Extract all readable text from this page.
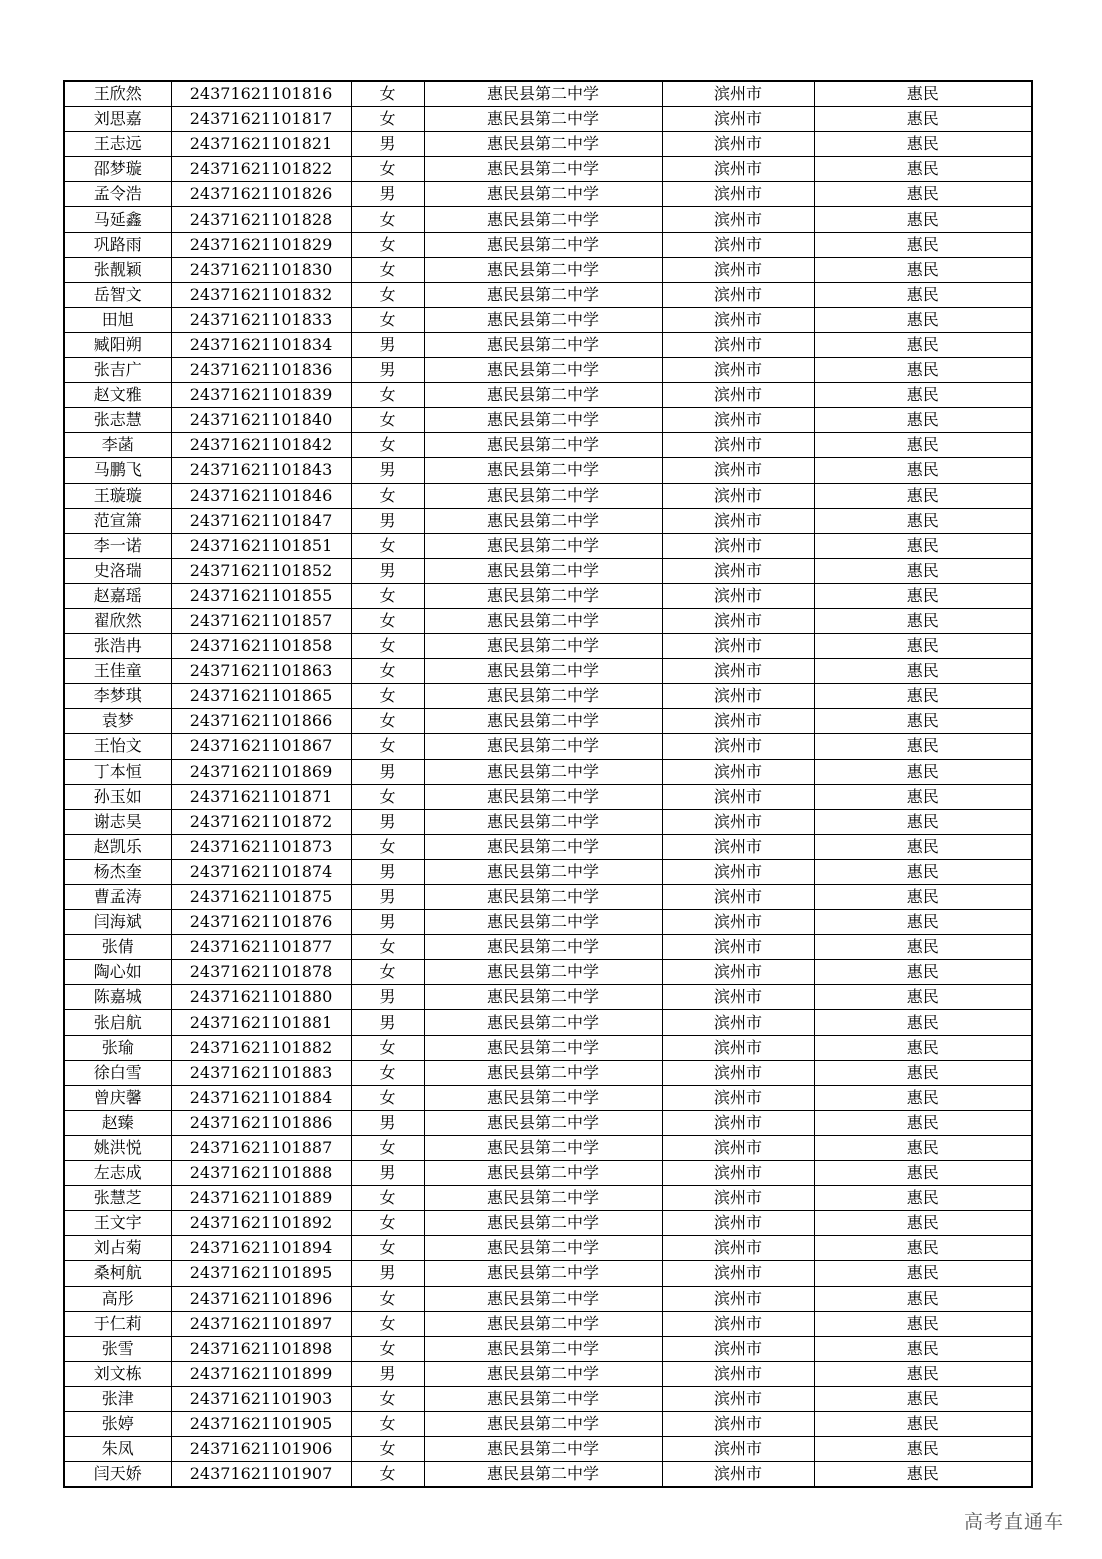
王欣然	24371621101816	女	惠民县第二中学	滨州市	惠民
刘思嘉	24371621101817	女	惠民县第二中学	滨州市	惠民
王志远	24371621101821	男	惠民县第二中学	滨州市	惠民
邵梦璇	24371621101822	女	惠民县第二中学	滨州市	惠民
孟令浩	24371621101826	男	惠民县第二中学	滨州市	惠民
马延鑫	24371621101828	女	惠民县第二中学	滨州市	惠民
巩路雨	24371621101829	女	惠民县第二中学	滨州市	惠民
张靓颖	24371621101830	女	惠民县第二中学	滨州市	惠民
岳智文	24371621101832	女	惠民县第二中学	滨州市	惠民
田旭	24371621101833	女	惠民县第二中学	滨州市	惠民
臧阳朔	24371621101834	男	惠民县第二中学	滨州市	惠民
张吉广	24371621101836	男	惠民县第二中学	滨州市	惠民
赵文雅	24371621101839	女	惠民县第二中学	滨州市	惠民
张志慧	24371621101840	女	惠民县第二中学	滨州市	惠民
李菡	24371621101842	女	惠民县第二中学	滨州市	惠民
马鹏飞	24371621101843	男	惠民县第二中学	滨州市	惠民
王璇璇	24371621101846	女	惠民县第二中学	滨州市	惠民
范宣箫	24371621101847	男	惠民县第二中学	滨州市	惠民
李一诺	24371621101851	女	惠民县第二中学	滨州市	惠民
史洛瑞	24371621101852	男	惠民县第二中学	滨州市	惠民
赵嘉瑶	24371621101855	女	惠民县第二中学	滨州市	惠民
翟欣然	24371621101857	女	惠民县第二中学	滨州市	惠民
张浩冉	24371621101858	女	惠民县第二中学	滨州市	惠民
王佳童	24371621101863	女	惠民县第二中学	滨州市	惠民
李梦琪	24371621101865	女	惠民县第二中学	滨州市	惠民
袁梦	24371621101866	女	惠民县第二中学	滨州市	惠民
王怡文	24371621101867	女	惠民县第二中学	滨州市	惠民
丁本恒	24371621101869	男	惠民县第二中学	滨州市	惠民
孙玉如	24371621101871	女	惠民县第二中学	滨州市	惠民
谢志昊	24371621101872	男	惠民县第二中学	滨州市	惠民
赵凯乐	24371621101873	女	惠民县第二中学	滨州市	惠民
杨杰奎	24371621101874	男	惠民县第二中学	滨州市	惠民
曹孟涛	24371621101875	男	惠民县第二中学	滨州市	惠民
闫海斌	24371621101876	男	惠民县第二中学	滨州市	惠民
张倩	24371621101877	女	惠民县第二中学	滨州市	惠民
陶心如	24371621101878	女	惠民县第二中学	滨州市	惠民
陈嘉城	24371621101880	男	惠民县第二中学	滨州市	惠民
张启航	24371621101881	男	惠民县第二中学	滨州市	惠民
张瑜	24371621101882	女	惠民县第二中学	滨州市	惠民
徐白雪	24371621101883	女	惠民县第二中学	滨州市	惠民
曾庆馨	24371621101884	女	惠民县第二中学	滨州市	惠民
赵臻	24371621101886	男	惠民县第二中学	滨州市	惠民
姚洪悦	24371621101887	女	惠民县第二中学	滨州市	惠民
左志成	24371621101888	男	惠民县第二中学	滨州市	惠民
张慧芝	24371621101889	女	惠民县第二中学	滨州市	惠民
王文宇	24371621101892	女	惠民县第二中学	滨州市	惠民
刘占菊	24371621101894	女	惠民县第二中学	滨州市	惠民
桑柯航	24371621101895	男	惠民县第二中学	滨州市	惠民
高彤	24371621101896	女	惠民县第二中学	滨州市	惠民
于仁莉	24371621101897	女	惠民县第二中学	滨州市	惠民
张雪	24371621101898	女	惠民县第二中学	滨州市	惠民
刘文栋	24371621101899	男	惠民县第二中学	滨州市	惠民
张津	24371621101903	女	惠民县第二中学	滨州市	惠民
张婷	24371621101905	女	惠民县第二中学	滨州市	惠民
朱凤	24371621101906	女	惠民县第二中学	滨州市	惠民
闫天娇	24371621101907	女	惠民县第二中学	滨州市	惠民
高考直通车
